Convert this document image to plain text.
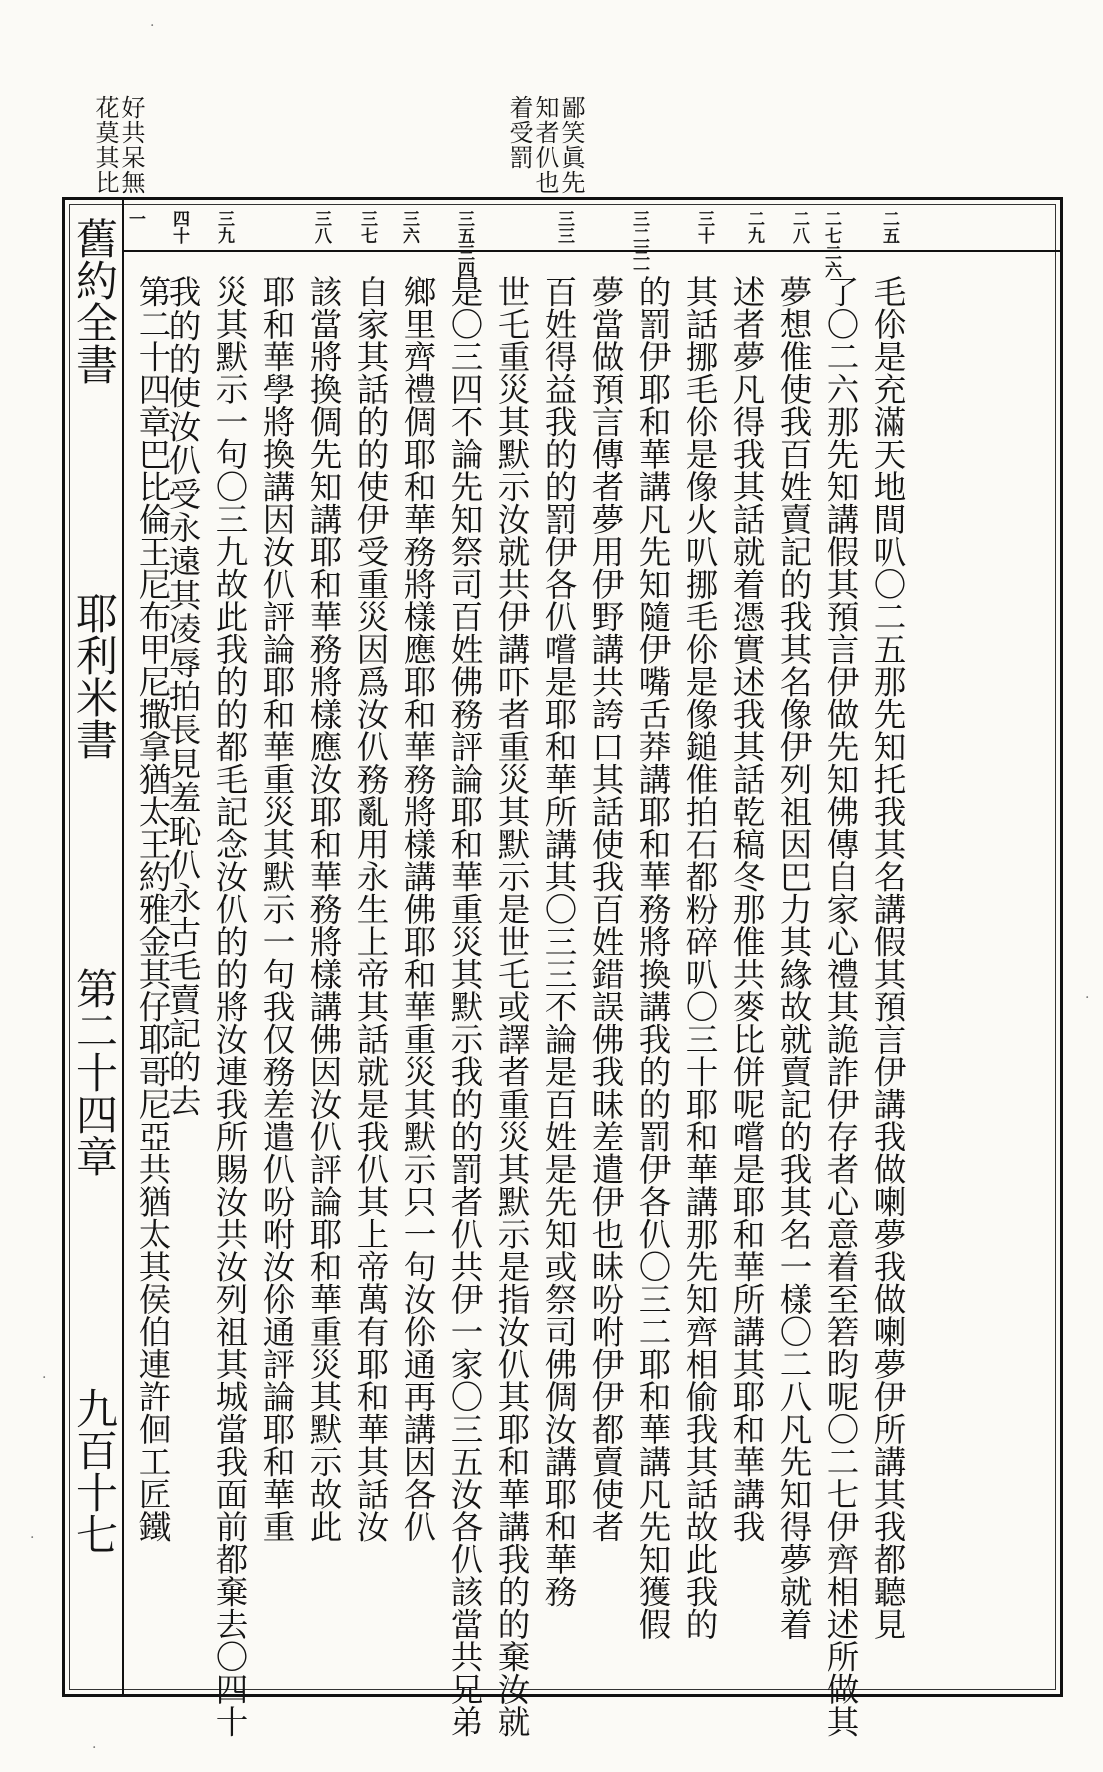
好共呆無
花莫其比	鄙笑眞先
知者仈也
着受罰
舊約全書
耶利米書
第二十四章
九百十七
二五
二七二六
二八
二九
三十
三二三一
三三
三五三四
三六
三七
三八
三九
四十
一
毛伱是充滿天地間叭〇二五那先知托我其名講假其預言伊講我做喇夢我做喇夢伊所講其我都聽見
了〇二六那先知講假其預言伊做先知佛傳自家心禮其詭詐伊存者心意着至箬昀呢〇二七伊齊相述所做其
夢想倠使我百姓賣記的我其名像伊列祖因巴力其緣故就賣記的我其名一樣〇二八凡先知得夢就着
述者夢凡得我其話就着憑實述我其話乾稿冬那倠共麥比併呢嚐是耶和華所講其耶和華講我
其話挪毛伱是像火叭挪毛伱是像鎚倠拍石都粉碎叭〇三十耶和華講那先知齊相偷我其話故此我的
的罰伊耶和華講凡先知隨伊嘴舌莽講耶和華務將換講我的的罰伊各仈〇三二耶和華講凡先知獲假
夢當做預言傳者夢用伊野講共誇口其話使我百姓錯誤佛我昧差遣伊也昧吩咐伊伊都賣使者
百姓得益我的的罰伊各仈嚐是耶和華所講其〇三三不論是百姓是先知或祭司佛倜汝講耶和華務
世乇重災其默示汝就共伊講吓者重災其默示是世乇或譯者重災其默示是指汝仈其耶和華講我的的棄汝就
是〇三四不論先知祭司百姓佛務評論耶和華重災其默示我的的罰者仈共伊一家〇三五汝各仈該當共兄弟
鄉里齊禮倜耶和華務將樣應耶和華務將樣講佛耶和華重災其默示只一句汝伱通再講因各仈
自家其話的的使伊受重災因爲汝仈務亂用永生上帝其話就是我仈其上帝萬有耶和華其話汝
該當將換倜先知講耶和華務將樣應汝耶和華務將樣講佛因汝仈評論耶和華重災其默示故此
耶和華學將換講因汝仈評論耶和華重災其默示一句我仅務差遣仈吩咐汝伱通評論耶和華重
災其默示一句〇三九故此我的的都毛記念汝仈的的將汝連我所賜汝共汝列祖其城當我面前都棄去〇四十
我的的使汝仈受永遠其凌辱拍長見羞恥仈永古毛賣記的去
第二十四章巴比倫王尼布甲尼撒拿猶太王約雅金其仔耶哥尼亞共猶太其侯伯連許佪工匠鐵
·
·
·
·
·
